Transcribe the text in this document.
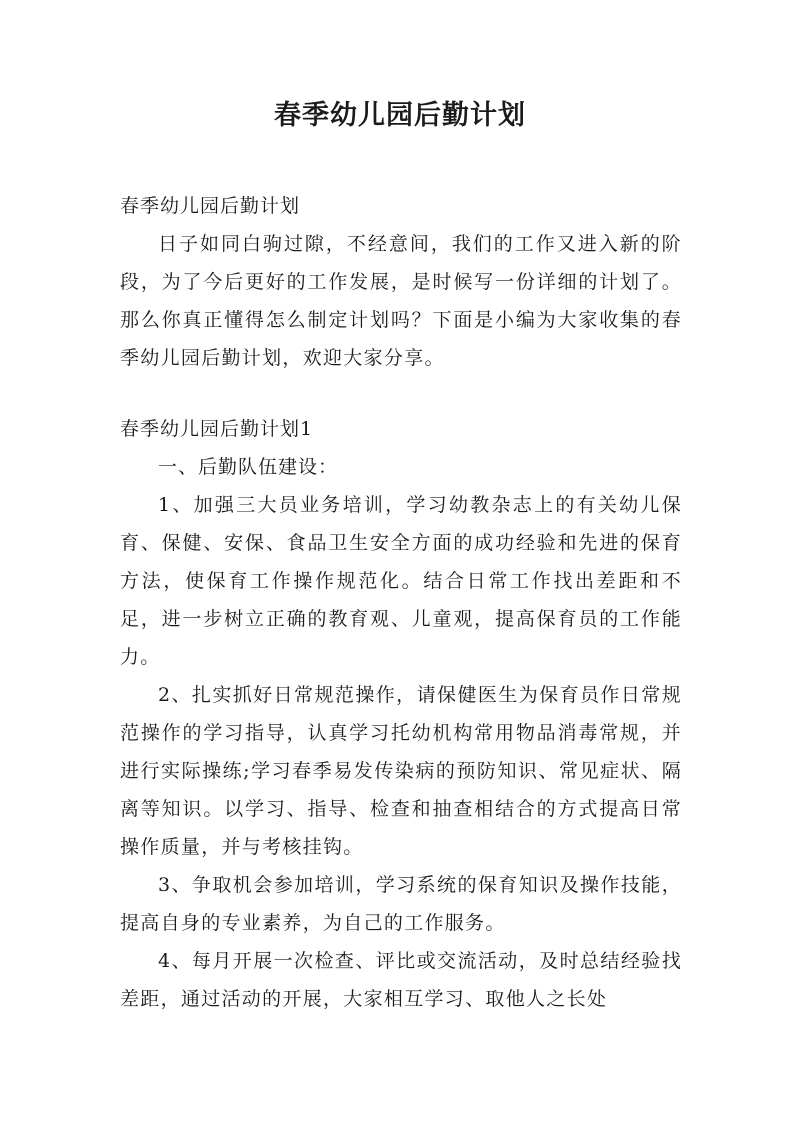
春季幼儿园后勤计划
春季幼儿园后勤计划
日子如同白驹过隙，不经意间，我们的工作又进入新的阶段，为了今后更好的工作发展，是时候写一份详细的计划了。那么你真正懂得怎么制定计划吗？下面是小编为大家收集的春季幼儿园后勤计划，欢迎大家分享。
春季幼儿园后勤计划1
一、后勤队伍建设：
1、加强三大员业务培训，学习幼教杂志上的有关幼儿保育、保健、安保、食品卫生安全方面的成功经验和先进的保育方法，使保育工作操作规范化。结合日常工作找出差距和不足，进一步树立正确的教育观、儿童观，提高保育员的工作能力。
2、扎实抓好日常规范操作，请保健医生为保育员作日常规范操作的学习指导，认真学习托幼机构常用物品消毒常规，并进行实际操练;学习春季易发传染病的预防知识、常见症状、隔离等知识。以学习、指导、检查和抽查相结合的方式提高日常操作质量，并与考核挂钩。
3、争取机会参加培训，学习系统的保育知识及操作技能，提高自身的专业素养，为自己的工作服务。
4、每月开展一次检查、评比或交流活动，及时总结经验找差距，通过活动的开展，大家相互学习、取他人之长处
